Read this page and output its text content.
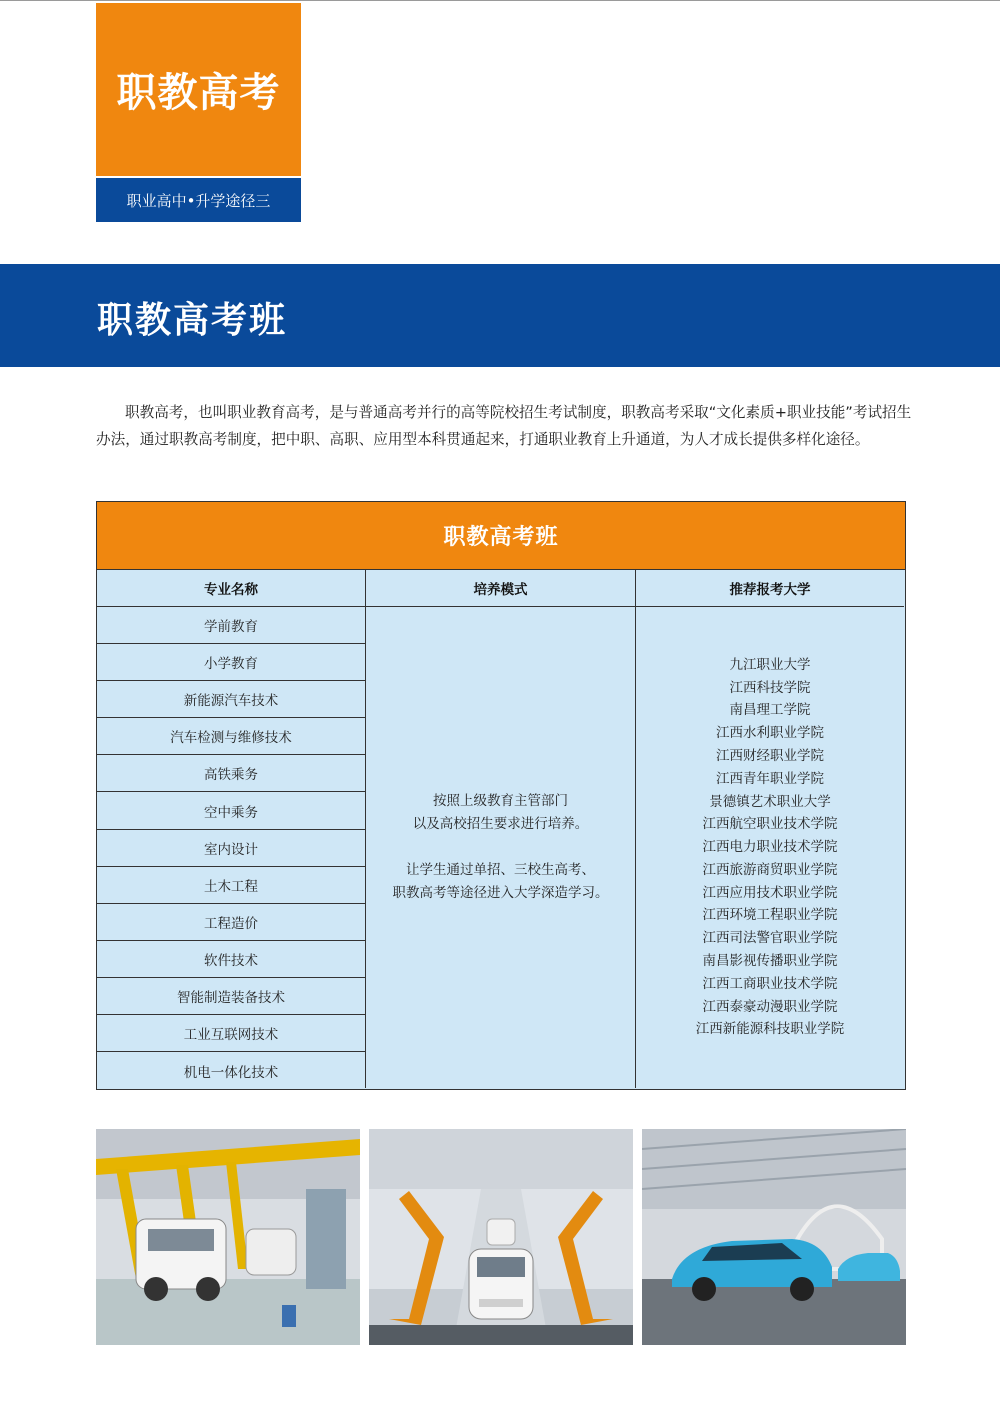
职教高考
职业高中•升学途径三
职教高考班

职教高考，也叫职业教育高考，是与普通高考并行的高等院校招生考试制度，职教高考采取“文化素质+职业技能”考试招生办法，通过职教高考制度，把中职、高职、应用型本科贯通起来，打通职业教育上升通道，为人才成长提供多样化途径。

职教高考班
专业名称
学前教育
小学教育
新能源汽车技术
汽车检测与维修技术
高铁乘务
空中乘务
室内设计
土木工程
工程造价
软件技术
智能制造装备技术
工业互联网技术
机电一体化技术
培养模式
按照上级教育主管部门
以及高校招生要求进行培养。
让学生通过单招、三校生高考、
职教高考等途径进入大学深造学习。
推荐报考大学
九江职业大学
江西科技学院
南昌理工学院
江西水利职业学院
江西财经职业学院
江西青年职业学院
景德镇艺术职业大学
江西航空职业技术学院
江西电力职业技术学院
江西旅游商贸职业学院
江西应用技术职业学院
江西环境工程职业学院
江西司法警官职业学院
南昌影视传播职业学院
江西工商职业技术学院
江西泰豪动漫职业学院
江西新能源科技职业学院
